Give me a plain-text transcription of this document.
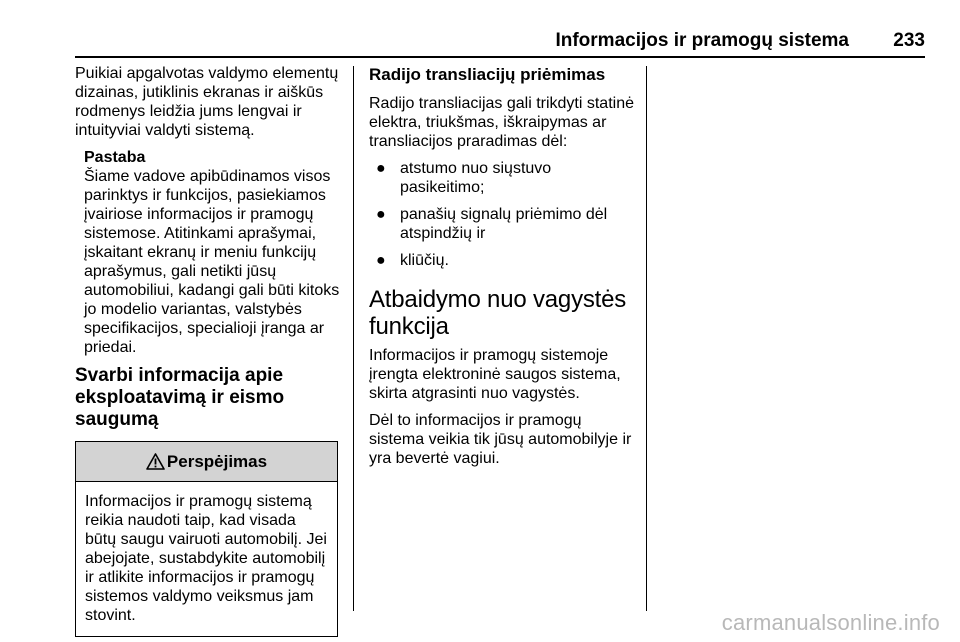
Informacijos ir pramogų sistema 233

Puikiai apgalvotas valdymo elementų dizainas, jutiklinis ekranas ir aiškūs rodmenys leidžia jums lengvai ir intuityviai valdyti sistemą.

Pastaba
Šiame vadove apibūdinamos visos parinktys ir funkcijos, pasiekiamos įvairiose informacijos ir pramogų sistemose. Atitinkami aprašymai, įskaitant ekranų ir meniu funkcijų aprašymus, gali netikti jūsų automobiliui, kadangi gali būti kitoks jo modelio variantas, valstybės specifikacijos, specialioji įranga ar priedai.
Svarbi informacija apie
eksploatavimą ir eismo saugumą
Perspėjimas
Informacijos ir pramogų sistemą reikia naudoti taip, kad visada būtų saugu vairuoti automobilį. Jei abejojate, sustabdykite automobilį ir atlikite informacijos ir pramogų sistemos valdymo veiksmus jam stovint.
Radijo transliacijų priėmimas

Radijo transliacijas gali trikdyti statinė elektra, triukšmas, iškraipymas ar transliacijos praradimas dėl:

● atstumo nuo siųstuvo pasikeitimo;
● panašių signalų priėmimo dėl atspindžių ir
● kliūčių.
Atbaidymo nuo vagystės
funkcija

Informacijos ir pramogų sistemoje įrengta elektroninė saugos sistema, skirta atgrasinti nuo vagystės.

Dėl to informacijos ir pramogų sistema veikia tik jūsų automobilyje ir yra bevertė vagiui.

carmanualsonline.info
